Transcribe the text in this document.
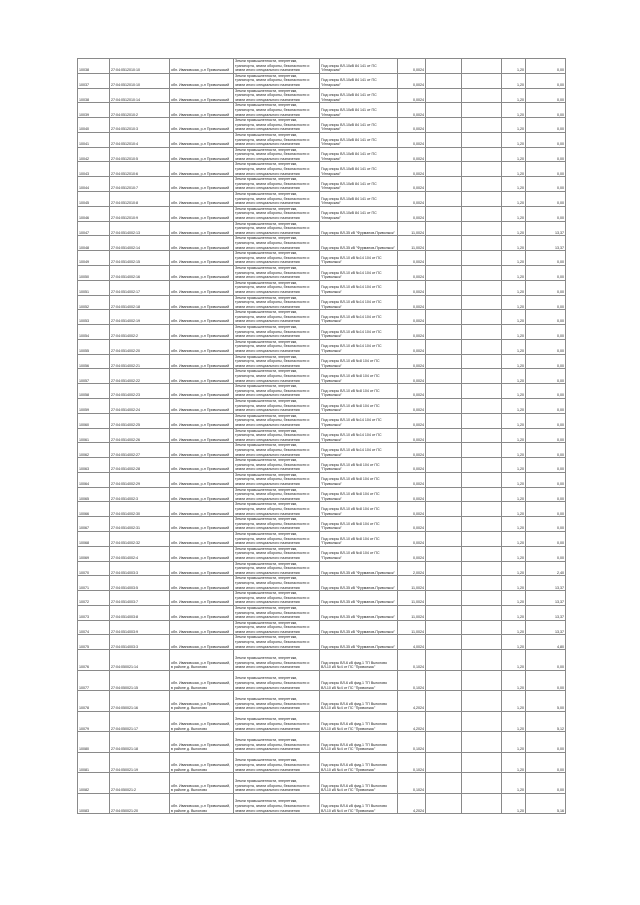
10038	27:04:0512010:10	обл. Ивановская, р-н Приволжский	Земли промышленности, энергетики, транспорта, земли обороны, безопасности и земли иного специального назначения	Под опоры ВЛ-10кВ 84 141 от ПС "Ингарская"	0,0024			1,20	0,00
10037	27:04:0512010:10	обл. Ивановская, р-н Приволжский	Земли промышленности, энергетики, транспорта, земли обороны, безопасности и земли иного специального назначения	Под опоры ВЛ-10кВ 84 141 от ПС "Ингарская"	0,0024			1,20	0,00
10038	27:04:0512010:14	обл. Ивановская, р-н Приволжский	Земли промышленности, энергетики, транспорта, земли обороны, безопасности и земли иного специального назначения	Под опоры ВЛ-10кВ 84 141 от ПС "Ингарская"	0,0024			1,20	0,00
10039	27:04:0512010:2	обл. Ивановская, р-н Приволжский	Земли промышленности, энергетики, транспорта, земли обороны, безопасности и земли иного специального назначения	Под опоры ВЛ-10кВ 84 141 от ПС "Ингарская"	0,0024			1,20	0,00
10040	27:04:0512010:3	обл. Ивановская, р-н Приволжский	Земли промышленности, энергетики, транспорта, земли обороны, безопасности и земли иного специального назначения	Под опоры ВЛ-10кВ 84 141 от ПС "Ингарская"	0,0024			1,20	0,00
10041	27:04:0512010:4	обл. Ивановская, р-н Приволжский	Земли промышленности, энергетики, транспорта, земли обороны, безопасности и земли иного специального назначения	Под опоры ВЛ-10кВ 84 141 от ПС "Ингарская"	0,0024			1,20	0,00
10042	27:04:0512010:5	обл. Ивановская, р-н Приволжский	Земли промышленности, энергетики, транспорта, земли обороны, безопасности и земли иного специального назначения	Под опоры ВЛ-10кВ 84 141 от ПС "Ингарская"	0,0024			1,20	0,00
10043	27:04:0512010:6	обл. Ивановская, р-н Приволжский	Земли промышленности, энергетики, транспорта, земли обороны, безопасности и земли иного специального назначения	Под опоры ВЛ-10кВ 84 141 от ПС "Ингарская"	0,0024			1,20	0,00
10044	27:04:0512010:7	обл. Ивановская, р-н Приволжский	Земли промышленности, энергетики, транспорта, земли обороны, безопасности и земли иного специального назначения	Под опоры ВЛ-10кВ 84 141 от ПС "Ингарская"	0,0024			1,20	0,00
10045	27:04:0512010:8	обл. Ивановская, р-н Приволжский	Земли промышленности, энергетики, транспорта, земли обороны, безопасности и земли иного специального назначения	Под опоры ВЛ-10кВ 84 141 от ПС "Ингарская"	0,0024			1,20	0,00
10046	27:04:0512010:9	обл. Ивановская, р-н Приволжский	Земли промышленности, энергетики, транспорта, земли обороны, безопасности и земли иного специального назначения	Под опоры ВЛ-10кВ 84 141 от ПС "Ингарская"	0,0024			1,20	0,00
10047	27:04:0514002:13	обл. Ивановская, р-н Приволжский	Земли промышленности, энергетики, транспорта, земли обороны, безопасности и земли иного специального назначения	Под опоры ВЛ-35 кВ "Фурманов-Приволжск"	11,0024			1,20	13,37
10048	27:04:0514002:14	обл. Ивановская, р-н Приволжский	Земли промышленности, энергетики, транспорта, земли обороны, безопасности и земли иного специального назначения	Под опоры ВЛ-35 кВ "Фурманов-Приволжск"	11,0024			1,20	13,37
10049	27:04:0514002:15	обл. Ивановская, р-н Приволжский	Земли промышленности, энергетики, транспорта, земли обороны, безопасности и земли иного специального назначения	Под опоры ВЛ-10 кВ №14 104 от ПС "Приволжск"	0,0024			1,20	0,00
10050	27:04:0514002:16	обл. Ивановская, р-н Приволжский	Земли промышленности, энергетики, транспорта, земли обороны, безопасности и земли иного специального назначения	Под опоры ВЛ-10 кВ №14 104 от ПС "Приволжск"	0,0024			1,20	0,00
10051	27:04:0514002:17	обл. Ивановская, р-н Приволжский	Земли промышленности, энергетики, транспорта, земли обороны, безопасности и земли иного специального назначения	Под опоры ВЛ-10 кВ №14 104 от ПС "Приволжск"	0,0024			1,20	0,00
10052	27:04:0514002:18	обл. Ивановская, р-н Приволжский	Земли промышленности, энергетики, транспорта, земли обороны, безопасности и земли иного специального назначения	Под опоры ВЛ-10 кВ №14 104 от ПС "Приволжск"	0,0024			1,20	0,00
10053	27:04:0514002:19	обл. Ивановская, р-н Приволжский	Земли промышленности, энергетики, транспорта, земли обороны, безопасности и земли иного специального назначения	Под опоры ВЛ-10 кВ №14 104 от ПС "Приволжск"	0,0024			1,20	0,00
10054	27:04:0514002:2	обл. Ивановская, р-н Приволжский	Земли промышленности, энергетики, транспорта, земли обороны, безопасности и земли иного специального назначения	Под опоры ВЛ-10 кВ №14 104 от ПС "Приволжск"	0,0024			1,20	0,00
10055	27:04:0514002:20	обл. Ивановская, р-н Приволжский	Земли промышленности, энергетики, транспорта, земли обороны, безопасности и земли иного специального назначения	Под опоры ВЛ-10 кВ №14 104 от ПС "Приволжск"	0,0024			1,20	0,00
10056	27:04:0514002:21	обл. Ивановская, р-н Приволжский	Земли промышленности, энергетики, транспорта, земли обороны, безопасности и земли иного специального назначения	Под опоры ВЛ-10 кВ №8 104 от ПС "Приволжск"	0,0024			1,20	0,00
10057	27:04:0514002:22	обл. Ивановская, р-н Приволжский	Земли промышленности, энергетики, транспорта, земли обороны, безопасности и земли иного специального назначения	Под опоры ВЛ-10 кВ №8 104 от ПС "Приволжск"	0,0024			1,20	0,00
10058	27:04:0514002:23	обл. Ивановская, р-н Приволжский	Земли промышленности, энергетики, транспорта, земли обороны, безопасности и земли иного специального назначения	Под опоры ВЛ-10 кВ №8 104 от ПС "Приволжск"	0,0024			1,20	0,00
10059	27:04:0514002:24	обл. Ивановская, р-н Приволжский	Земли промышленности, энергетики, транспорта, земли обороны, безопасности и земли иного специального назначения	Под опоры ВЛ-10 кВ №8 104 от ПС "Приволжск"	0,0024			1,20	0,00
10060	27:04:0514002:25	обл. Ивановская, р-н Приволжский	Земли промышленности, энергетики, транспорта, земли обороны, безопасности и земли иного специального назначения	Под опоры ВЛ-10 кВ №14 104 от ПС "Приволжск"	0,0024			1,20	0,00
10061	27:04:0514002:26	обл. Ивановская, р-н Приволжский	Земли промышленности, энергетики, транспорта, земли обороны, безопасности и земли иного специального назначения	Под опоры ВЛ-10 кВ №14 104 от ПС "Приволжск"	0,0024			1,20	0,00
10062	27:04:0514002:27	обл. Ивановская, р-н Приволжский	Земли промышленности, энергетики, транспорта, земли обороны, безопасности и земли иного специального назначения	Под опоры ВЛ-10 кВ №14 104 от ПС "Приволжск"	0,0024			1,20	0,00
10063	27:04:0514002:28	обл. Ивановская, р-н Приволжский	Земли промышленности, энергетики, транспорта, земли обороны, безопасности и земли иного специального назначения	Под опоры ВЛ-10 кВ №8 104 от ПС "Приволжск"	0,0024			1,20	0,00
10064	27:04:0514002:29	обл. Ивановская, р-н Приволжский	Земли промышленности, энергетики, транспорта, земли обороны, безопасности и земли иного специального назначения	Под опоры ВЛ-10 кВ №8 104 от ПС "Приволжск"	0,0024			1,20	0,00
10065	27:04:0514002:3	обл. Ивановская, р-н Приволжский	Земли промышленности, энергетики, транспорта, земли обороны, безопасности и земли иного специального назначения	Под опоры ВЛ-10 кВ №8 104 от ПС "Приволжск"	0,0024			1,20	0,00
10066	27:04:0514002:30	обл. Ивановская, р-н Приволжский	Земли промышленности, энергетики, транспорта, земли обороны, безопасности и земли иного специального назначения	Под опоры ВЛ-10 кВ №8 104 от ПС "Приволжск"	0,0024			1,20	0,00
10067	27:04:0514002:31	обл. Ивановская, р-н Приволжский	Земли промышленности, энергетики, транспорта, земли обороны, безопасности и земли иного специального назначения	Под опоры ВЛ-10 кВ №8 104 от ПС "Приволжск"	0,0024			1,20	0,00
10068	27:04:0514002:32	обл. Ивановская, р-н Приволжский	Земли промышленности, энергетики, транспорта, земли обороны, безопасности и земли иного специального назначения	Под опоры ВЛ-10 кВ №8 104 от ПС "Приволжск"	0,0024			1,20	0,00
10069	27:04:0514002:4	обл. Ивановская, р-н Приволжский	Земли промышленности, энергетики, транспорта, земли обороны, безопасности и земли иного специального назначения	Под опоры ВЛ-10 кВ №8 104 от ПС "Приволжск"	0,0024			1,20	0,00
10070	27:04:0514003:3	обл. Ивановская, р-н Приволжский	Земли промышленности, энергетики, транспорта, земли обороны, безопасности и земли иного специального назначения	Под опоры ВЛ-35 кВ "Фурманов-Приволжск"	2,0024			1,20	2,40
10071	27:04:0514003:5	обл. Ивановская, р-н Приволжский	Земли промышленности, энергетики, транспорта, земли обороны, безопасности и земли иного специального назначения	Под опоры ВЛ-35 кВ "Фурманов-Приволжск"	11,0024			1,20	13,37
10072	27:04:0514003:7	обл. Ивановская, р-н Приволжский	Земли промышленности, энергетики, транспорта, земли обороны, безопасности и земли иного специального назначения	Под опоры ВЛ-35 кВ "Фурманов-Приволжск"	11,0024			1,20	13,37
10073	27:04:0514003:8	обл. Ивановская, р-н Приволжский	Земли промышленности, энергетики, транспорта, земли обороны, безопасности и земли иного специального назначения	Под опоры ВЛ-35 кВ "Фурманов-Приволжск"	11,0024			1,20	13,37
10074	27:04:0514003:9	обл. Ивановская, р-н Приволжский	Земли промышленности, энергетики, транспорта, земли обороны, безопасности и земли иного специального назначения	Под опоры ВЛ-35 кВ "Фурманов-Приволжск"	11,0024			1,20	13,37
10075	27:04:0514003:3	обл. Ивановская, р-н Приволжский	Земли промышленности, энергетики, транспорта, земли обороны, безопасности и земли иного специального назначения	Под опоры ВЛ-35 кВ "Фурманов-Приволжск"	4,0024			1,20	4,80
10076	27:04:050021:14	обл. Ивановская, р-н Приволжский, в районе д. Выголово	Земли промышленности, энергетики, транспорта, земли обороны, безопасности и земли иного специального назначения	Под опоры ВЛ-6 кВ фид.1 ТП Выголово ВЛ-10 кВ №4 от ПС "Приволжск"	0,1024			1,20	0,00
10077	27:04:050021:15	обл. Ивановская, р-н Приволжский, в районе д. Выголово	Земли промышленности, энергетики, транспорта, земли обороны, безопасности и земли иного специального назначения	Под опоры ВЛ-6 кВ фид.1 ТП Выголово ВЛ-10 кВ №4 от ПС "Приволжск"	0,1024			1,20	0,00
10078	27:04:050021:16	обл. Ивановская, р-н Приволжский, в районе д. Выголово	Земли промышленности, энергетики, транспорта, земли обороны, безопасности и земли иного специального назначения	Под опоры ВЛ-6 кВ фид.1 ТП Выголово ВЛ-10 кВ №4 от ПС "Приволжск"	4,2024			1,20	5,00
10079	27:04:050021:17	обл. Ивановская, р-н Приволжский, в районе д. Выголово	Земли промышленности, энергетики, транспорта, земли обороны, безопасности и земли иного специального назначения	Под опоры ВЛ-6 кВ фид.1 ТП Выголово ВЛ-10 кВ №4 от ПС "Приволжск"	4,2024			1,20	5,12
10080	27:04:050021:18	обл. Ивановская, р-н Приволжский, в районе д. Выголово	Земли промышленности, энергетики, транспорта, земли обороны, безопасности и земли иного специального назначения	Под опоры ВЛ-6 кВ фид.1 ТП Выголово ВЛ-10 кВ №4 от ПС "Приволжск"	0,1024			1,20	0,00
10081	27:04:050021:19	обл. Ивановская, р-н Приволжский, в районе д. Выголово	Земли промышленности, энергетики, транспорта, земли обороны, безопасности и земли иного специального назначения	Под опоры ВЛ-6 кВ фид.1 ТП Выголово ВЛ-10 кВ №4 от ПС "Приволжск"	0,1024			1,20	0,00
10082	27:04:050021:2	обл. Ивановская, р-н Приволжский, в районе д. Выголово	Земли промышленности, энергетики, транспорта, земли обороны, безопасности и земли иного специального назначения	Под опоры ВЛ-6 кВ фид.1 ТП Выголово ВЛ-10 кВ №4 от ПС "Приволжск"	0,1024			1,20	0,00
10083	27:04:050021:20	обл. Ивановская, р-н Приволжский, в районе д. Выголово	Земли промышленности, энергетики, транспорта, земли обороны, безопасности и земли иного специального назначения	Под опоры ВЛ-6 кВ фид.1 ТП Выголово ВЛ-10 кВ №4 от ПС "Приволжск"	4,2024			1,20	5,16
